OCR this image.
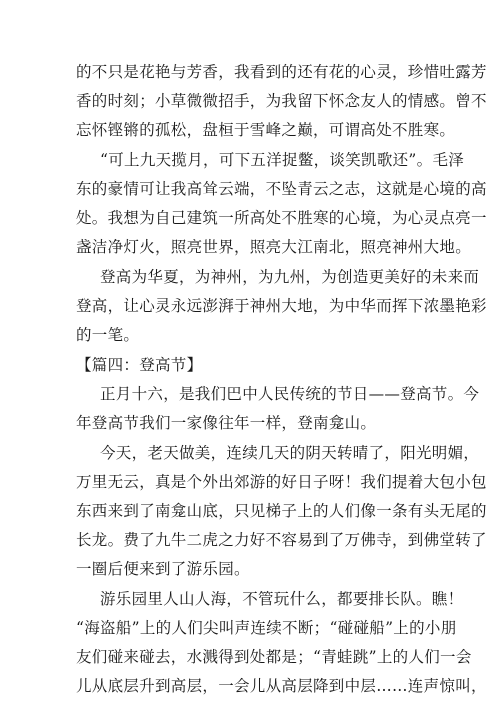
的不只是花艳与芳香，我看到的还有花的心灵，珍惜吐露芳
香的时刻；小草微微招手，为我留下怀念友人的情感。曾不
忘怀铿锵的孤松，盘桓于雪峰之巅，可谓高处不胜寒。
“可上九天揽月，可下五洋捉鳖，谈笑凯歌还”。毛泽
东的豪情可让我高耸云端，不坠青云之志，这就是心境的高
处。我想为自己建筑一所高处不胜寒的心境，为心灵点亮一
盏洁净灯火，照亮世界，照亮大江南北，照亮神州大地。
登高为华夏，为神州，为九州，为创造更美好的未来而
登高，让心灵永远澎湃于神州大地，为中华而挥下浓墨艳彩
的一笔。
【篇四：登高节】
正月十六，是我们巴中人民传统的节日——登高节。今
年登高节我们一家像往年一样，登南龛山。
今天，老天做美，连续几天的阴天转晴了，阳光明媚，
万里无云，真是个外出郊游的好日子呀！我们提着大包小包
东西来到了南龛山底，只见梯子上的人们像一条有头无尾的
长龙。费了九牛二虎之力好不容易到了万佛寺，到佛堂转了
一圈后便来到了游乐园。
游乐园里人山人海，不管玩什么，都要排长队。瞧！
“海盗船”上的人们尖叫声连续不断；“碰碰船”上的小朋
友们碰来碰去，水溅得到处都是；“青蛙跳”上的人们一会
儿从底层升到高层，一会儿从高层降到中层……连声惊叫，
